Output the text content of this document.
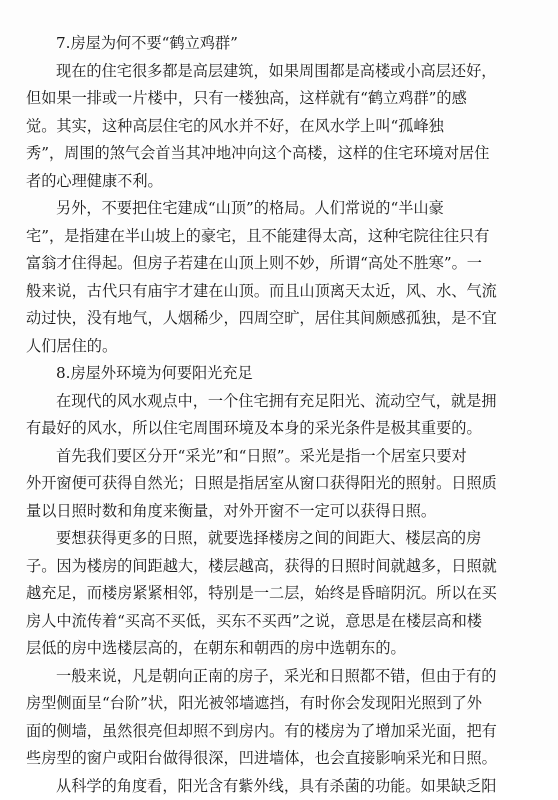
7.房屋为何不要“鹤立鸡群”
现在的住宅很多都是高层建筑，如果周围都是高楼或小高层还好，
但如果一排或一片楼中，只有一楼独高，这样就有“鹤立鸡群”的感
觉。其实，这种高层住宅的风水并不好，在风水学上叫“孤峰独
秀”，周围的煞气会首当其冲地冲向这个高楼，这样的住宅环境对居住
者的心理健康不利。
另外，不要把住宅建成“山顶”的格局。人们常说的“半山豪
宅”，是指建在半山坡上的豪宅，且不能建得太高，这种宅院往往只有
富翁才住得起。但房子若建在山顶上则不妙，所谓“高处不胜寒”。一
般来说，古代只有庙宇才建在山顶。而且山顶离天太近，风、水、气流
动过快，没有地气，人烟稀少，四周空旷，居住其间颇感孤独，是不宜
人们居住的。
8.房屋外环境为何要阳光充足
在现代的风水观点中，一个住宅拥有充足阳光、流动空气，就是拥
有最好的风水，所以住宅周围环境及本身的采光条件是极其重要的。
首先我们要区分开“采光”和“日照”。采光是指一个居室只要对
外开窗便可获得自然光；日照是指居室从窗口获得阳光的照射。日照质
量以日照时数和角度来衡量，对外开窗不一定可以获得日照。
要想获得更多的日照，就要选择楼房之间的间距大、楼层高的房
子。因为楼房的间距越大，楼层越高，获得的日照时间就越多，日照就
越充足，而楼房紧紧相邻，特别是一二层，始终是昏暗阴沉。所以在买
房人中流传着“买高不买低，买东不买西”之说，意思是在楼层高和楼
层低的房中选楼层高的，在朝东和朝西的房中选朝东的。
一般来说，凡是朝向正南的房子，采光和日照都不错，但由于有的
房型侧面呈“台阶”状，阳光被邻墙遮挡，有时你会发现阳光照到了外
面的侧墙，虽然很亮但却照不到房内。有的楼房为了增加采光面，把有
些房型的窗户或阳台做得很深，凹进墙体，也会直接影响采光和日照。
从科学的角度看，阳光含有紫外线，具有杀菌的功能。如果缺乏阳
